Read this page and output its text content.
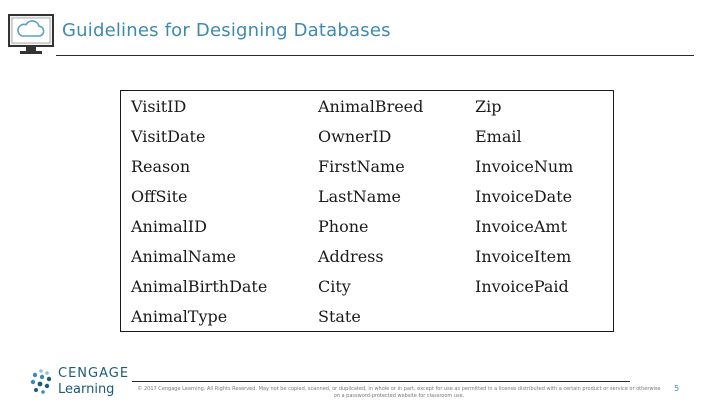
Guidelines for Designing Databases
VisitID
VisitDate
Reason
OffSite
AnimalID
AnimalName
AnimalBirthDate
AnimalType
AnimalBreed
OwnerID
FirstName
LastName
Phone
Address
City
State
Zip
Email
InvoiceNum
InvoiceDate
InvoiceAmt
InvoiceItem
InvoicePaid
CENGAGE
Learning	© 2017 Cengage Learning. All Rights Reserved. May not be copied, scanned, or duplicated, in whole or in part, except for use as permitted in a license distributed with a certain product or service or otherwise on a password-protected website for classroom use.
5
